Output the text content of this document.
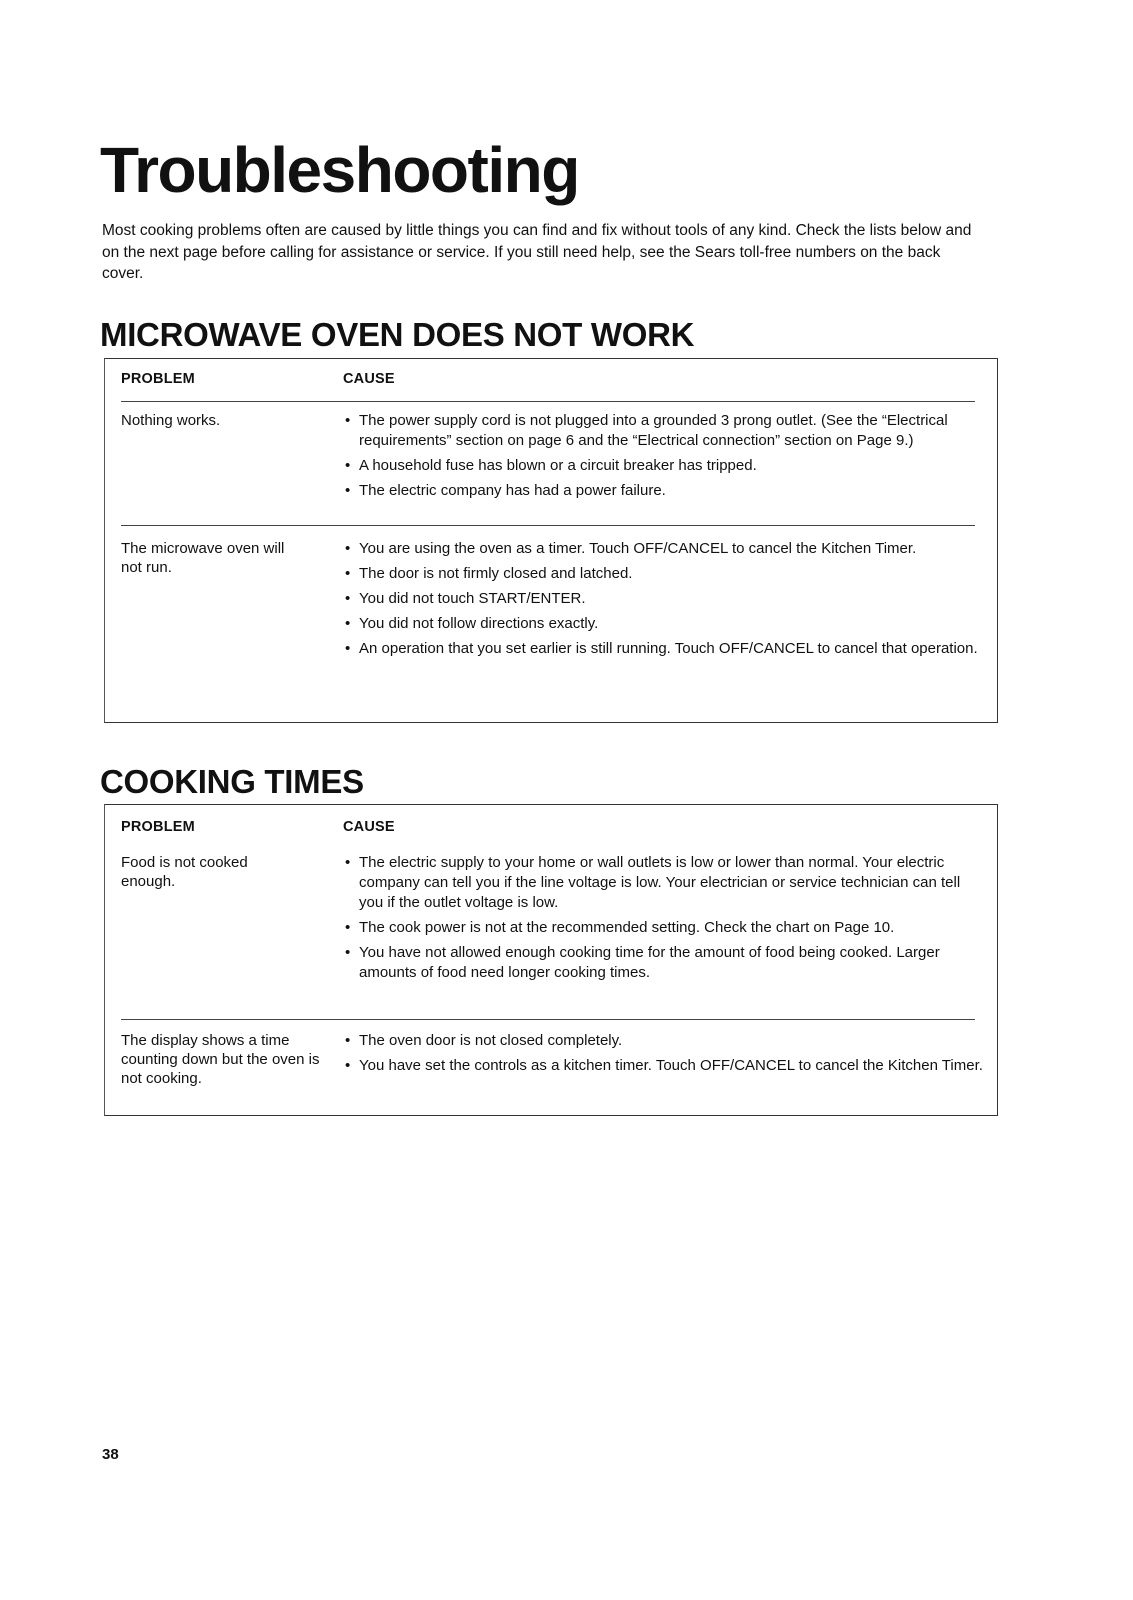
Troubleshooting

Most cooking problems often are caused by little things you can find and fix without tools of any kind. Check the lists below and on the next page before calling for assistance or service. If you still need help, see the Sears toll-free numbers on the back cover.

MICROWAVE OVEN DOES NOT WORK
PROBLEM	CAUSE
Nothing works.
•	The power supply cord is not plugged into a grounded 3 prong outlet. (See the “Electrical requirements” section on page 6 and the “Electrical connection” section on Page 9.)
• A household fuse has blown or a circuit breaker has tripped.
• The electric company has had a power failure.
The microwave oven will not run.
• You are using the oven as a timer. Touch OFF/CANCEL to cancel the Kitchen Timer.
• The door is not firmly closed and latched.
• You did not touch START/ENTER.
• You did not follow directions exactly.
• An operation that you set earlier is still running. Touch OFF/CANCEL to cancel that operation.
COOKING TIMES
PROBLEM	CAUSE
Food is not cooked enough.
• The electric supply to your home or wall outlets is low or lower than normal. Your electric company can tell you if the line voltage is low. Your electrician or service technician can tell you if the outlet voltage is low.
• The cook power is not at the recommended setting. Check the chart on Page 10.
• You have not allowed enough cooking time for the amount of food being cooked. Larger amounts of food need longer cooking times.
The display shows a time counting down but the oven is not cooking.
• The oven door is not closed completely.
• You have set the controls as a kitchen timer. Touch OFF/CANCEL to cancel the Kitchen Timer.
38
